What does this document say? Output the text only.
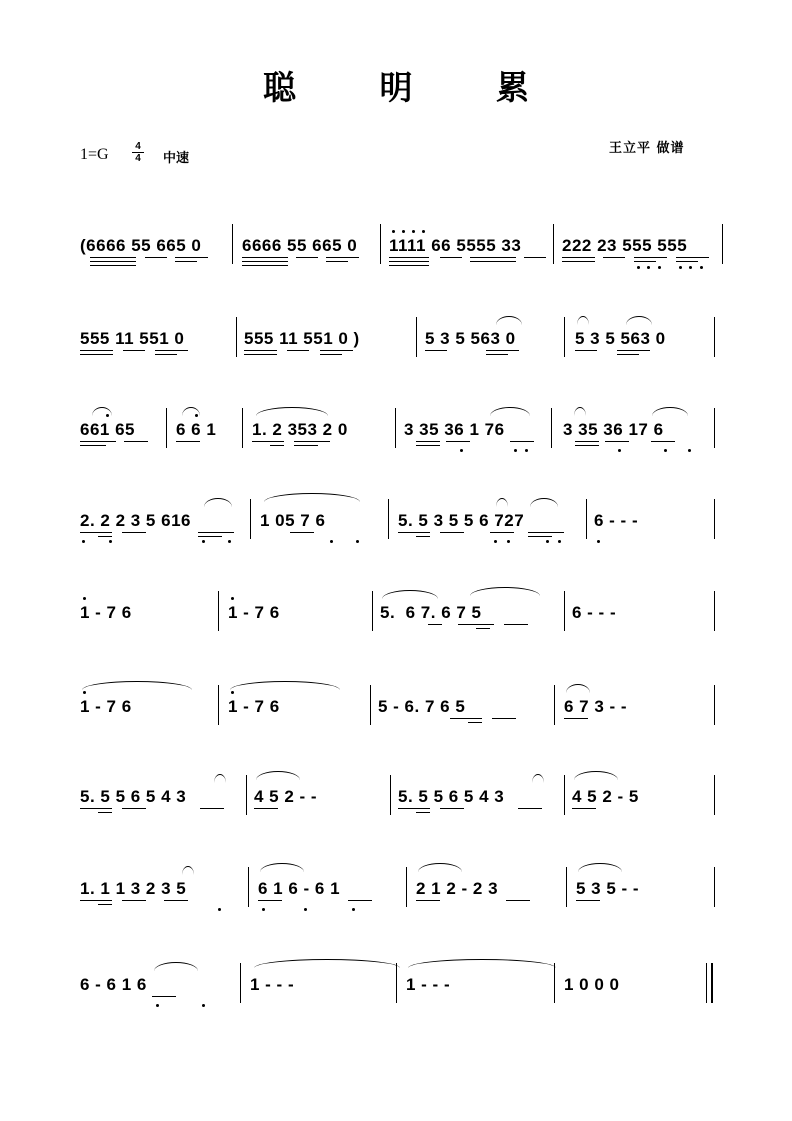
聪 明 累
1=G	4
4	中速
王立平 做谱
(6666 55 665 0 6666 55 665 0 1111 66 5555 33 222 23 555 555
555 11 551 0	555 11 551 0 )	5 3 5 563 0	5 3 5 563 0
661 65 6 6 1 1. 2 353 2 0	3 35 36 1 76	3 35 36 17 6
2. 2 2 3 5 616	1 05 7 6	5. 5 3 5 5 6 727	6 - - -
1 - 7 6	1 - 7 6	5.  6 7. 6 7 5	6 - - -
1 - 7 6	1 - 7 6	5 - 6. 7 6 5	6 7 3 - -
5. 5 5 6 5 4 3	4 5 2 - -	5. 5 5 6 5 4 3	4 5 2 - 5
1. 1 1 3 2 3 5	6 1 6 - 6 1	2 1 2 - 2 3	5 3 5 - -
6 - 6 1 6	1 - - -	1 - - -	1 0 0 0
